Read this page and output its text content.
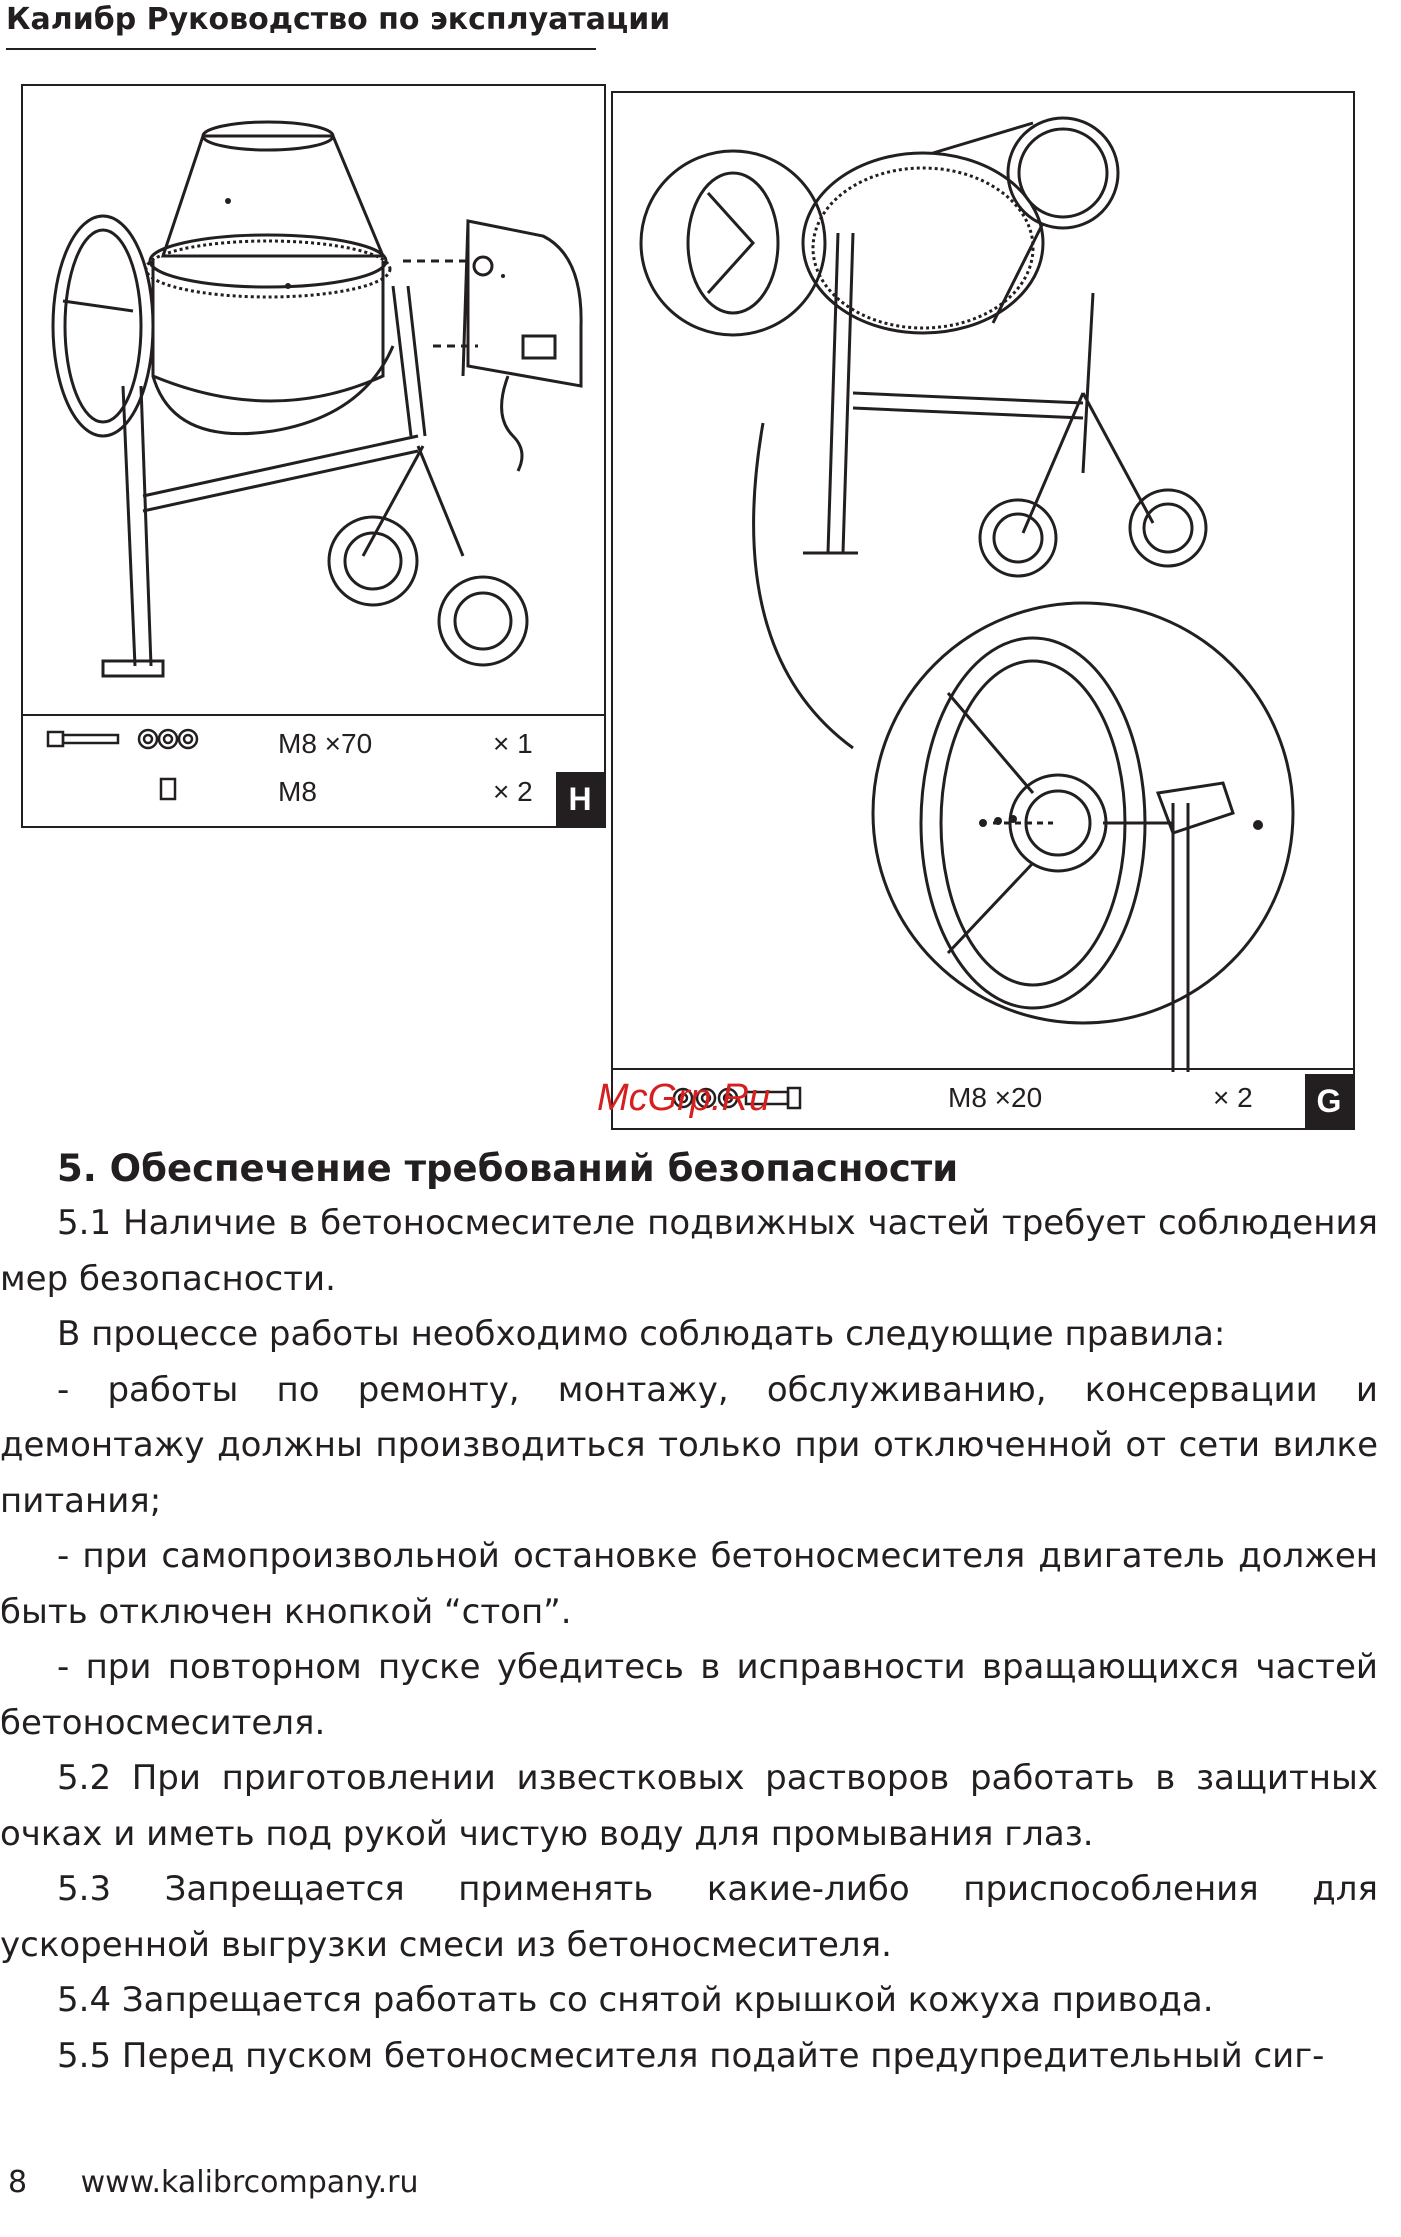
Калибр Руководство по эксплуатации
M8 ×70	× 1
M8	× 2	H
M8 ×20	× 2	G
McGrp.Ru
5. Обеспечение требований безопасности

5.1 Наличие в бетоносмесителе подвижных частей требует соблюдения мер безопасности.

В процессе работы необходимо соблюдать следующие правила:

- работы по ремонту, монтажу, обслуживанию, консервации и демонтажу должны производиться только при отключенной от сети вилке питания;

- при самопроизвольной остановке бетоносмесителя двигатель должен быть отключен кнопкой “стоп”.

- при повторном пуске убедитесь в исправности вращающихся частей бетоносмесителя.

5.2 При приготовлении известковых растворов работать в защитных очках и иметь под рукой чистую воду для промывания глаз.

5.3 Запрещается применять какие-либо приспособления для ускоренной выгрузки смеси из бетоносмесителя.

5.4 Запрещается работать со снятой крышкой кожуха привода.

5.5 Перед пуском бетоносмесителя подайте предупредительный сиг-

8 www.kalibrcompany.ru
